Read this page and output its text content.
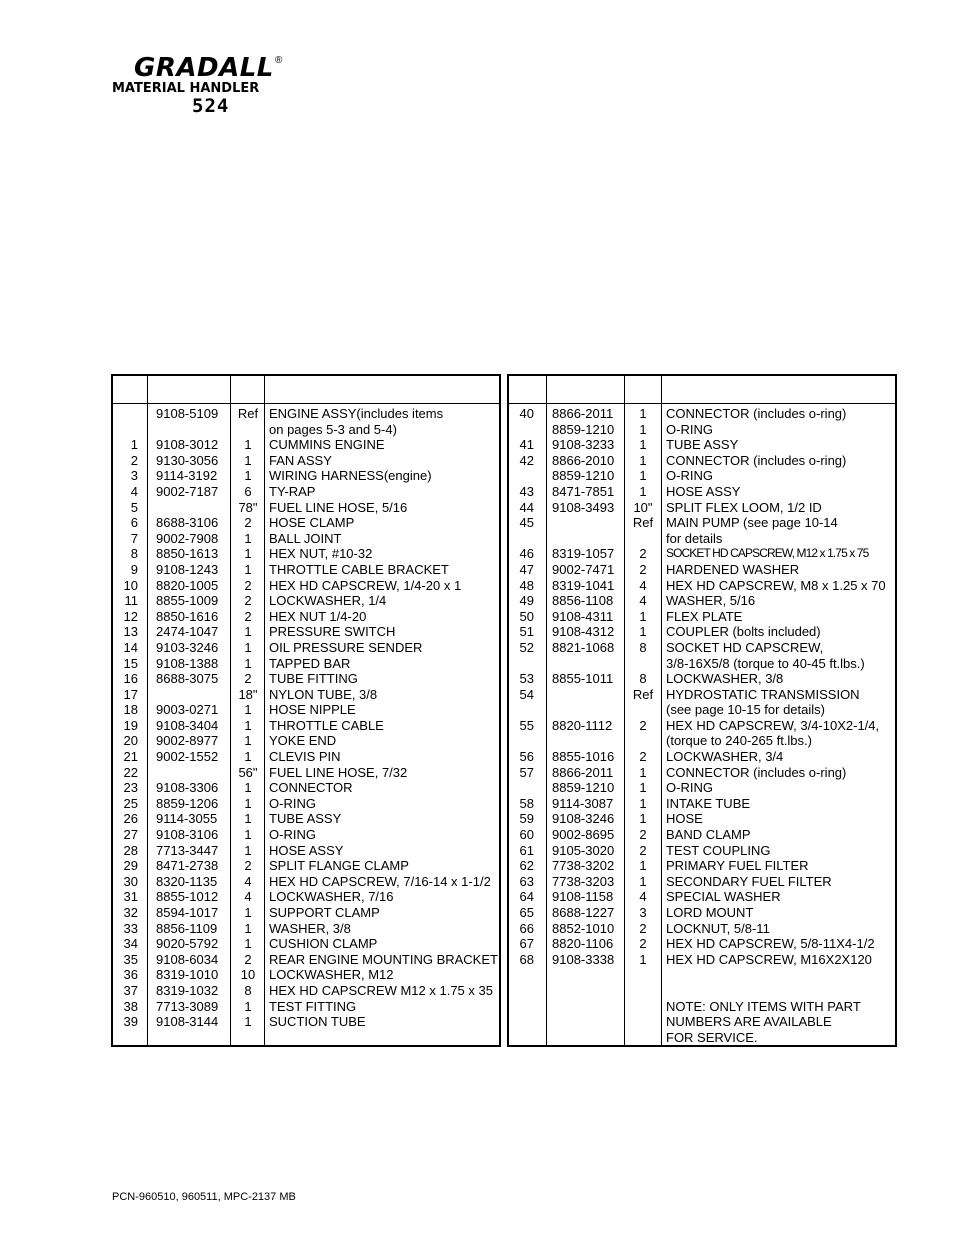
GRADALL ®
MATERIAL HANDLER
524
9108-5109	Ref ENGINE ASSY(includes items
on pages 5-3 and 5-4)
1 9108-3012	1	CUMMINS ENGINE
2 9130-3056	1	FAN ASSY
3 9114-3192	1	WIRING HARNESS(engine)
4 9002-7187	6	TY-RAP
5	78" FUEL LINE HOSE, 5/16
6 8688-3106	2	HOSE CLAMP
7 9002-7908	1	BALL JOINT
8 8850-1613	1	HEX NUT, #10-32
9 9108-1243	1	THROTTLE CABLE BRACKET
10 8820-1005	2	HEX HD CAPSCREW, 1/4-20 x 1
11 8855-1009	2	LOCKWASHER, 1/4
12 8850-1616	2	HEX NUT 1/4-20
13 2474-1047	1	PRESSURE SWITCH
14 9103-3246	1	OIL PRESSURE SENDER
15 9108-1388	1	TAPPED BAR
16 8688-3075	2	TUBE FITTING
17	18" NYLON TUBE, 3/8
18 9003-0271	1	HOSE NIPPLE
19 9108-3404	1	THROTTLE CABLE
20 9002-8977	1	YOKE END
21 9002-1552	1	CLEVIS PIN
22	56" FUEL LINE HOSE, 7/32
23 9108-3306	1	CONNECTOR
25 8859-1206	1	O-RING
26 9114-3055	1	TUBE ASSY
27 9108-3106	1	O-RING
28 7713-3447	1	HOSE ASSY
29 8471-2738	2	SPLIT FLANGE CLAMP
30 8320-1135	4	HEX HD CAPSCREW, 7/16-14 x 1-1/2
31 8855-1012	4	LOCKWASHER, 7/16
32 8594-1017	1	SUPPORT CLAMP
33 8856-1109	1	WASHER, 3/8
34 9020-5792	1	CUSHION CLAMP
35 9108-6034	2	REAR ENGINE MOUNTING BRACKET
36 8319-1010	10	LOCKWASHER, M12
37 8319-1032	8	HEX HD CAPSCREW M12 x 1.75 x 35
38 7713-3089	1	TEST FITTING
39 9108-3144	1	SUCTION TUBE
40 8866-2011	1	CONNECTOR (includes o-ring)
8859-1210	1	O-RING
41 9108-3233	1	TUBE ASSY
42 8866-2010	1	CONNECTOR (includes o-ring)
8859-1210	1	O-RING
43 8471-7851	1	HOSE ASSY
44 9108-3493	10"	SPLIT FLEX LOOM, 1/2 ID
45	Ref MAIN PUMP (see page 10-14
for details
46 8319-1057	2	SOCKET HD CAPSCREW, M12 x 1.75 x 75
47 9002-7471	2	HARDENED WASHER
48 8319-1041	4	HEX HD CAPSCREW, M8 x 1.25 x 70
49 8856-1108	4	WASHER, 5/16
50 9108-4311	1	FLEX PLATE
51 9108-4312	1	COUPLER (bolts included)
52 8821-1068	8	SOCKET HD CAPSCREW,
3/8-16X5/8 (torque to 40-45 ft.lbs.)
53 8855-1011	8	LOCKWASHER, 3/8
54	Ref HYDROSTATIC TRANSMISSION
(see page 10-15 for details)
55 8820-1112	2	HEX HD CAPSCREW, 3/4-10X2-1/4,
(torque to 240-265 ft.lbs.)
56 8855-1016	2	LOCKWASHER, 3/4
57 8866-2011	1	CONNECTOR (includes o-ring)
8859-1210	1	O-RING
58 9114-3087	1	INTAKE TUBE
59 9108-3246	1	HOSE
60 9002-8695	2	BAND CLAMP
61 9105-3020	2	TEST COUPLING
62 7738-3202	1	PRIMARY FUEL FILTER
63 7738-3203	1	SECONDARY FUEL FILTER
64 9108-1158	4	SPECIAL WASHER
65 8688-1227	3	LORD MOUNT
66 8852-1010	2	LOCKNUT, 5/8-11
67 8820-1106	2	HEX HD CAPSCREW, 5/8-11X4-1/2
68 9108-3338	1	HEX HD CAPSCREW, M16X2X120
NOTE: ONLY ITEMS WITH PART
NUMBERS ARE AVAILABLE
FOR SERVICE.
PCN-960510, 960511, MPC-2137 MB
